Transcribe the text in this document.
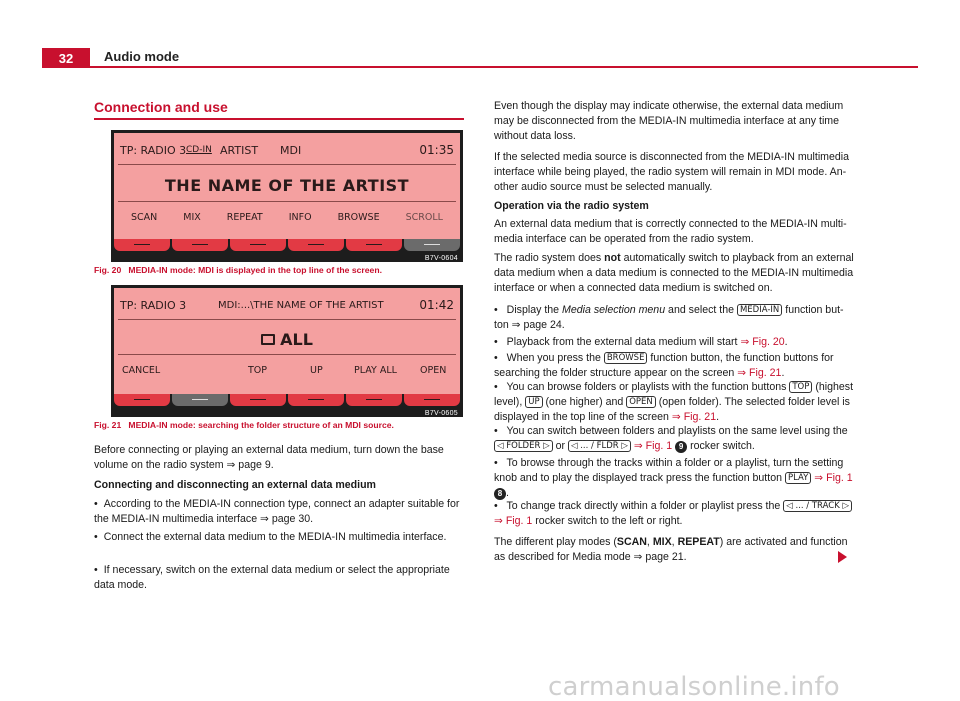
32	Audio mode
Connection and use
TP: RADIO 3 CD-IN ARTIST MDI	01:35
THE NAME OF THE ARTIST
SCAN	MIX	REPEAT	INFO	BROWSE	SCROLL
B7V-0604
Fig. 20 MEDIA-IN mode: MDI is displayed in the top line of the screen.
TP: RADIO 3	MDI:...\THE NAME OF THE ARTIST	01:42
ALL
CANCEL	TOP	UP	PLAY ALL OPEN
B7V-0605
Fig. 21 MEDIA-IN mode: searching the folder structure of an MDI source.
Before connecting or playing an external data medium, turn down the base volume on the radio system ⇒ page 9.
Connecting and disconnecting an external data medium
• According to the MEDIA-IN connection type, connect an adapter suitable for the MEDIA-IN multimedia interface ⇒ page 30.
• Connect the external data medium to the MEDIA-IN multimedia interface.
• If necessary, switch on the external data medium or select the appropriate data mode.
Even though the display may indicate otherwise, the external data medium may be disconnected from the MEDIA-IN multimedia interface at any time without data loss.
If the selected media source is disconnected from the MEDIA-IN multimedia interface while being played, the radio system will remain in MDI mode. Another audio source must be selected manually.
Operation via the radio system
An external data medium that is correctly connected to the MEDIA-IN multimedia interface can be operated from the radio system.
The radio system does not automatically switch to playback from an external data medium when a data medium is connected to the MEDIA-IN multimedia interface or when a connected data medium is switched on.
• Display the Media selection menu and select the MEDIA-IN function button ⇒ page 24.
• Playback from the external data medium will start ⇒ Fig. 20.
• When you press the BROWSE function button, the function buttons for searching the folder structure appear on the screen ⇒ Fig. 21.
• You can browse folders or playlists with the function buttons TOP (highest level), UP (one higher) and OPEN (open folder). The selected folder level is displayed in the top line of the screen ⇒ Fig. 21.
• You can switch between folders and playlists on the same level using the ◁ FOLDER ▷ or ◁ ... / FLDR ▷ ⇒ Fig. 1 9 rocker switch.
• To browse through the tracks within a folder or a playlist, turn the setting knob and to play the displayed track press the function button PLAY ⇒ Fig. 1 8 .
• To change track directly within a folder or playlist press the ◁ ... / TRACK ▷ ⇒ Fig. 1 rocker switch to the left or right.
The different play modes (SCAN, MIX, REPEAT) are activated and function as described for Media mode ⇒ page 21.
carmanualsonline.info
